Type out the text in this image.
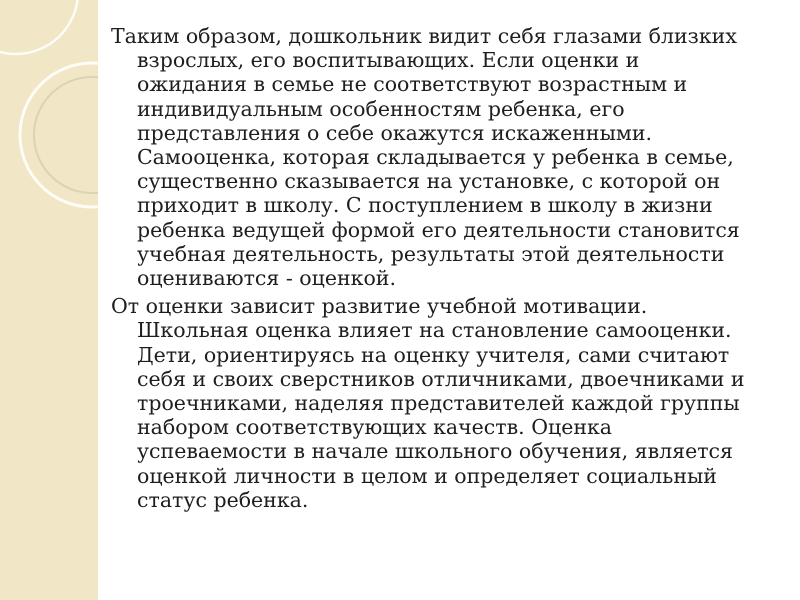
Таким образом, дошкольник видит себя глазами близких
взрослых, его воспитывающих. Если оценки и
ожидания в семье не соответствуют возрастным и
индивидуальным особенностям ребенка, его
представления о себе окажутся искаженными.
Самооценка, которая складывается у ребенка в семье,
существенно сказывается на установке, с которой он
приходит в школу. С поступлением в школу в жизни
ребенка ведущей формой его деятельности становится
учебная деятельность, результаты этой деятельности
оцениваются - оценкой.

От оценки зависит развитие учебной мотивации.
Школьная оценка влияет на становление самооценки.
Дети, ориентируясь на оценку учителя, сами считают
себя и своих сверстников отличниками, двоечниками и
троечниками, наделяя представителей каждой группы
набором соответствующих качеств. Оценка
успеваемости в начале школьного обучения, является
оценкой личности в целом и определяет социальный
статус ребенка.
